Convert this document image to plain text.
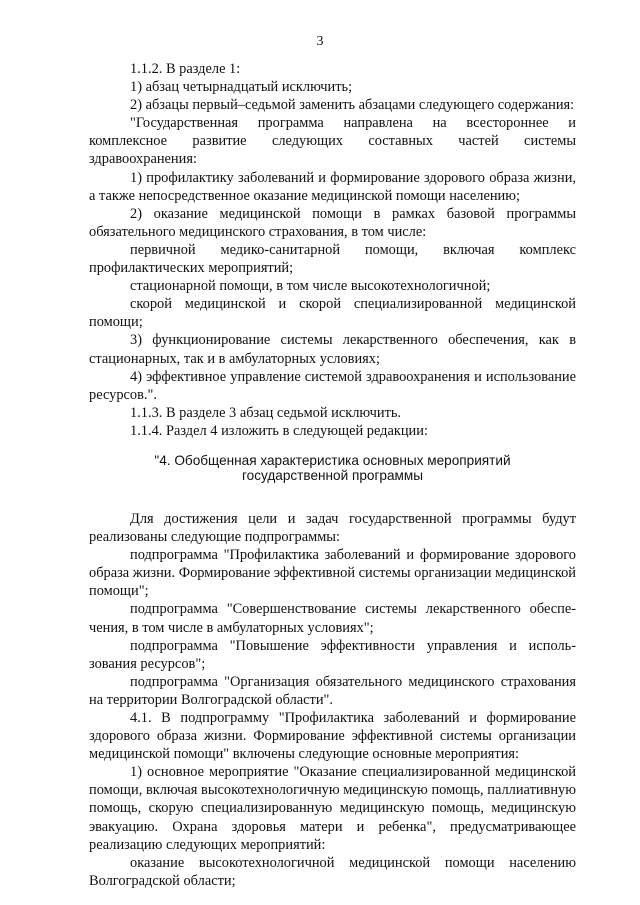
3

1.1.2. В разделе 1:

1) абзац четырнадцатый исключить;

2) абзацы первый–седьмой заменить абзацами следующего содержания:

"Государственная программа направлена на всестороннее и комплексное развитие следующих составных частей системы здравоохранения:

1) профилактику заболеваний и формирование здорового образа жизни, а также непосредственное оказание медицинской помощи населению;

2) оказание медицинской помощи в рамках базовой программы обязательного медицинского страхования, в том числе:

первичной медико-санитарной помощи, включая комплекс профилактических мероприятий;

стационарной помощи, в том числе высокотехнологичной;

скорой медицинской и скорой специализированной медицинской помощи;

3) функционирование системы лекарственного обеспечения, как в стационарных, так и в амбулаторных условиях;

4) эффективное управление системой здравоохранения и использование ресурсов.".

1.1.3. В разделе 3 абзац седьмой исключить.

1.1.4. Раздел 4 изложить в следующей редакции:

"4. Обобщенная характеристика основных мероприятий
государственной программы

Для достижения цели и задач государственной программы будут реализованы следующие подпрограммы:

подпрограмма "Профилактика заболеваний и формирование здорового образа жизни. Формирование эффективной системы организации медицинской помощи";

подпрограмма "Совершенствование системы лекарственного обеспечения, в том числе в амбулаторных условиях";

подпрограмма "Повышение эффективности управления и использования ресурсов";

подпрограмма "Организация обязательного медицинского страхования на территории Волгоградской области".

4.1. В подпрограмму "Профилактика заболеваний и формирование здорового образа жизни. Формирование эффективной системы организации медицинской помощи" включены следующие основные мероприятия:

1) основное мероприятие "Оказание специализированной медицинской помощи, включая высокотехнологичную медицинскую помощь, паллиативную помощь, скорую специализированную медицинскую помощь, медицинскую эвакуацию. Охрана здоровья матери и ребенка", предусматривающее реализацию следующих мероприятий:

оказание высокотехнологичной медицинской помощи населению Волгоградской области;
